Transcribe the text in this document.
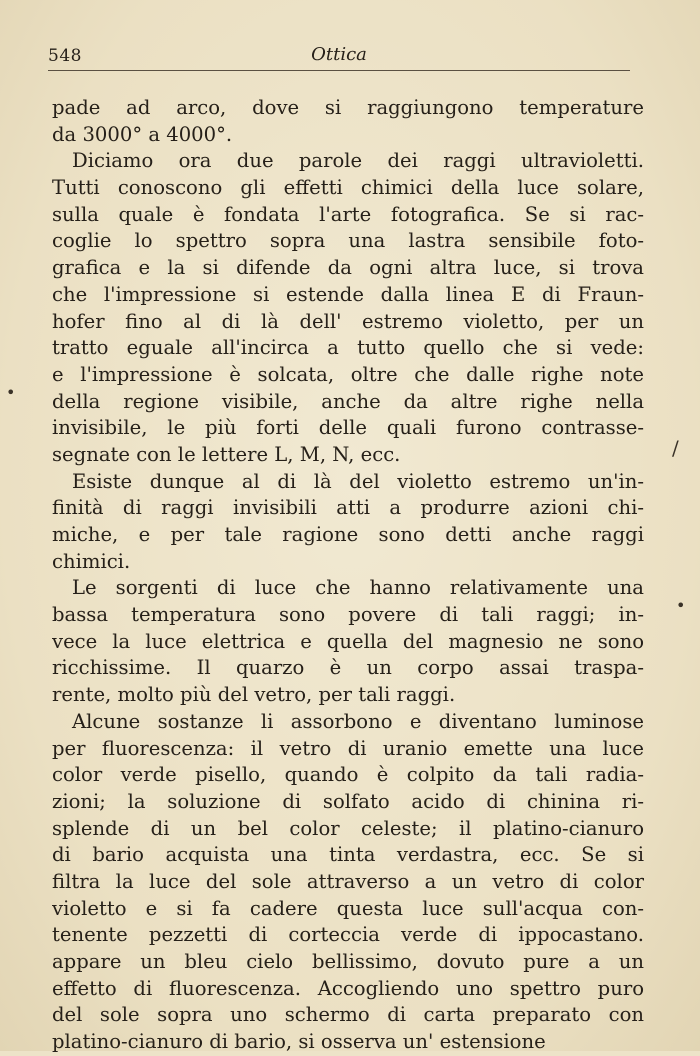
548	Ottica
pade ad arco, dove si raggiungono temperature
da 3000° a 4000°.
Diciamo ora due parole dei raggi ultravioletti.
Tutti conoscono gli effetti chimici della luce solare,
sulla quale è fondata l'arte fotografica. Se si rac-
coglie lo spettro sopra una lastra sensibile foto-
grafica e la si difende da ogni altra luce, si trova
che l'impressione si estende dalla linea E di Fraun-
hofer fino al di là dell' estremo violetto, per un
tratto eguale all'incirca a tutto quello che si vede:
e l'impressione è solcata, oltre che dalle righe note
della regione visibile, anche da altre righe nella
invisibile, le più forti delle quali furono contrasse-
segnate con le lettere L, M, N, ecc.
Esiste dunque al di là del violetto estremo un'in-
finità di raggi invisibili atti a produrre azioni chi-
miche, e per tale ragione sono detti anche raggi
chimici.
Le sorgenti di luce che hanno relativamente una
bassa temperatura sono povere di tali raggi; in-
vece la luce elettrica e quella del magnesio ne sono
ricchissime. Il quarzo è un corpo assai traspa-
rente, molto più del vetro, per tali raggi.
Alcune sostanze li assorbono e diventano luminose
per fluorescenza: il vetro di uranio emette una luce
color verde pisello, quando è colpito da tali radia-
zioni; la soluzione di solfato acido di chinina ri-
splende di un bel color celeste; il platino-cianuro
di bario acquista una tinta verdastra, ecc. Se si
filtra la luce del sole attraverso a un vetro di color
violetto e si fa cadere questa luce sull'acqua con-
tenente pezzetti di corteccia verde di ippocastano.
appare un bleu cielo bellissimo, dovuto pure a un
effetto di fluorescenza. Accogliendo uno spettro puro
del sole sopra uno schermo di carta preparato con
platino-cianuro di bario, si osserva un' estensione
•
•
/
